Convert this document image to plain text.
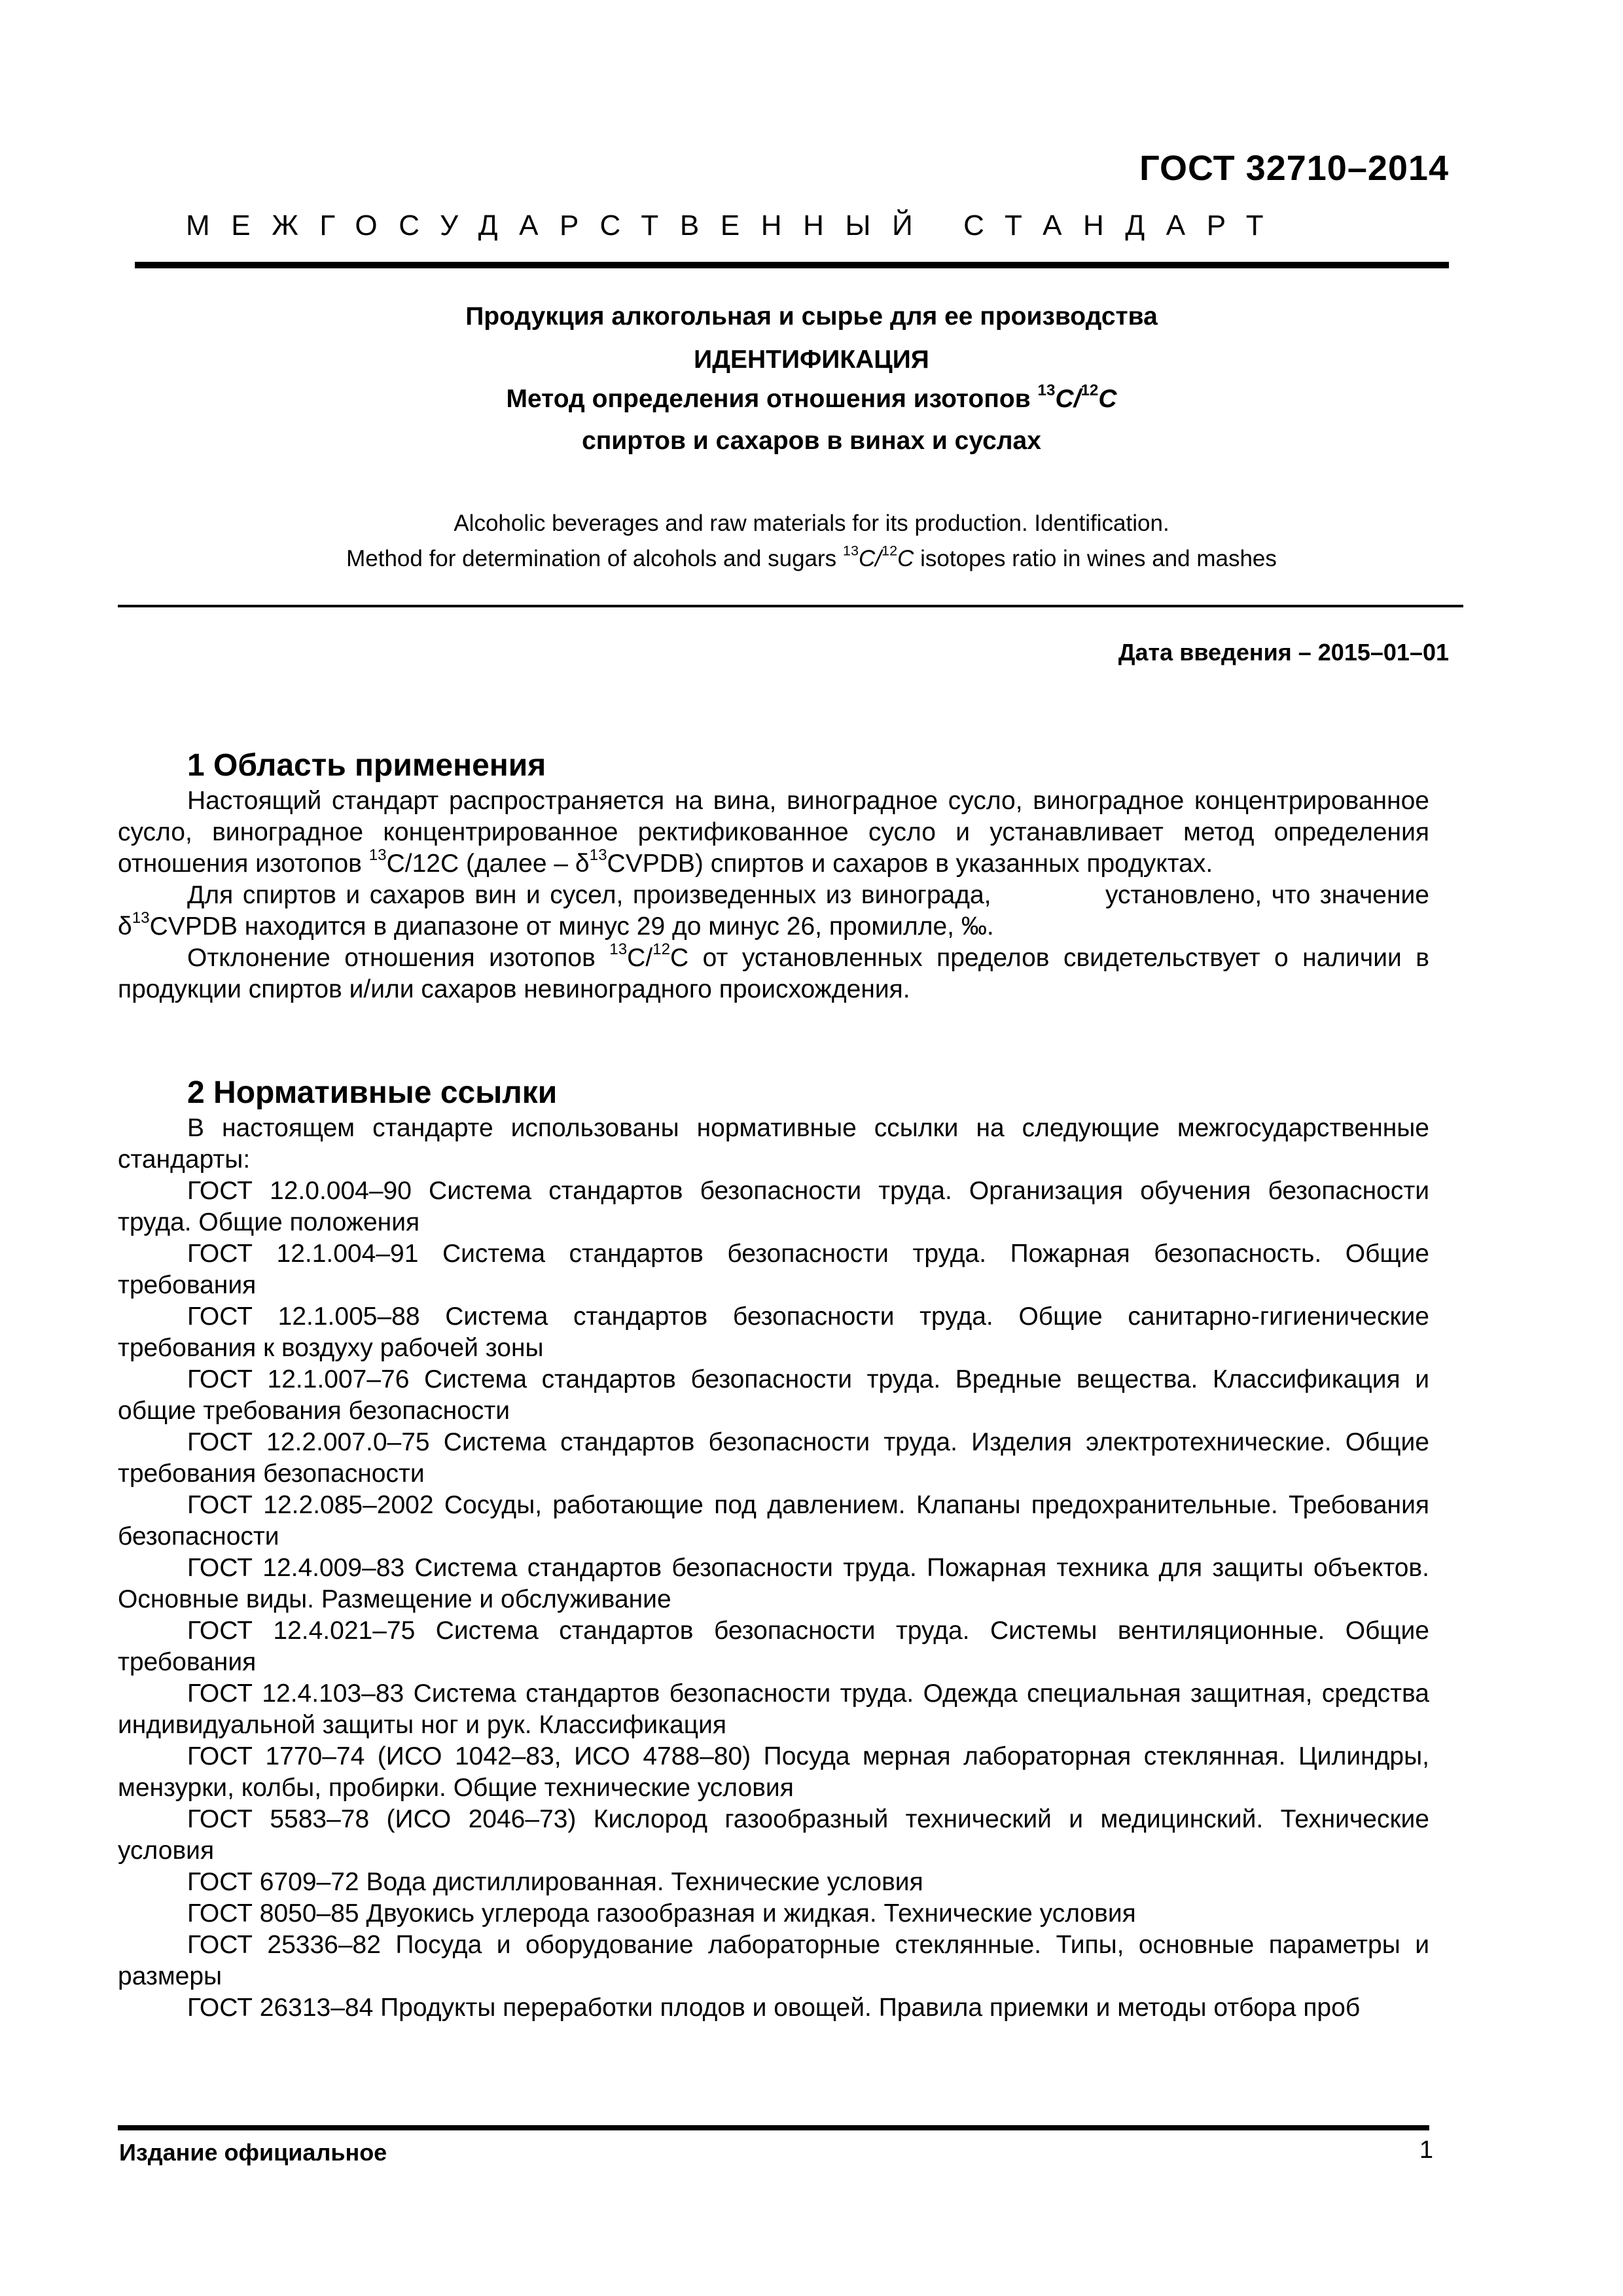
ГОСТ 32710–2014
МЕЖГОСУДАРСТВЕННЫЙ СТАНДАРТ
Продукция алкогольная и сырье для ее производства
ИДЕНТИФИКАЦИЯ
Метод определения отношения изотопов $^{13}$C/$^{12}$C
спиртов и сахаров в винах и суслах
Alcoholic beverages and raw materials for its production. Identification.
Method for determination of alcohols and sugars $^{13}$C/$^{12}$C isotopes ratio in wines and mashes
Дата введения – 2015–01–01
1 Область применения

Настоящий стандарт распространяется на вина, виноградное сусло, виноградное концентрированное сусло, виноградное концентрированное ректификованное сусло и устанавливает метод определения отношения изотопов $^{13}$C/12C (далее – $\delta^{13}CVPDB$) спиртов и сахаров в указанных продуктах.

Для спиртов и сахаров вин и сусел, произведенных из винограда,            установлено, что значение $\delta^{13}CVPDB$ находится в диапазоне от минус 29 до минус 26, промилле, ‰.

Отклонение отношения изотопов $^{13}$C/$^{12}$C от установленных пределов свидетельствует о наличии в продукции спиртов и/или сахаров невиноградного происхождения.

2 Нормативные ссылки

В настоящем стандарте использованы нормативные ссылки на следующие межгосударственные стандарты:

ГОСТ 12.0.004–90 Система стандартов безопасности труда. Организация обучения безопасности труда. Общие положения

ГОСТ 12.1.004–91 Система стандартов безопасности труда. Пожарная безопасность. Общие требования

ГОСТ 12.1.005–88 Система стандартов безопасности труда. Общие санитарно-гигиенические требования к воздуху рабочей зоны

ГОСТ 12.1.007–76 Система стандартов безопасности труда. Вредные вещества. Классификация и общие требования безопасности

ГОСТ 12.2.007.0–75 Система стандартов безопасности труда. Изделия электротехнические. Общие требования безопасности

ГОСТ 12.2.085–2002 Сосуды, работающие под давлением. Клапаны предохранительные. Требования безопасности

ГОСТ 12.4.009–83 Система стандартов безопасности труда. Пожарная техника для защиты объектов. Основные виды. Размещение и обслуживание

ГОСТ 12.4.021–75 Система стандартов безопасности труда. Системы вентиляционные. Общие требования

ГОСТ 12.4.103–83 Система стандартов безопасности труда. Одежда специальная защитная, средства индивидуальной защиты ног и рук. Классификация

ГОСТ 1770–74 (ИСО 1042–83, ИСО 4788–80) Посуда мерная лабораторная стеклянная. Цилиндры, мензурки, колбы, пробирки. Общие технические условия

ГОСТ 5583–78 (ИСО 2046–73) Кислород газообразный технический и медицинский. Технические условия

ГОСТ 6709–72 Вода дистиллированная. Технические условия

ГОСТ 8050–85 Двуокись углерода газообразная и жидкая. Технические условия

ГОСТ 25336–82 Посуда и оборудование лабораторные стеклянные. Типы, основные параметры и размеры

ГОСТ 26313–84 Продукты переработки плодов и овощей. Правила приемки и методы отбора проб

Издание официальное	1
